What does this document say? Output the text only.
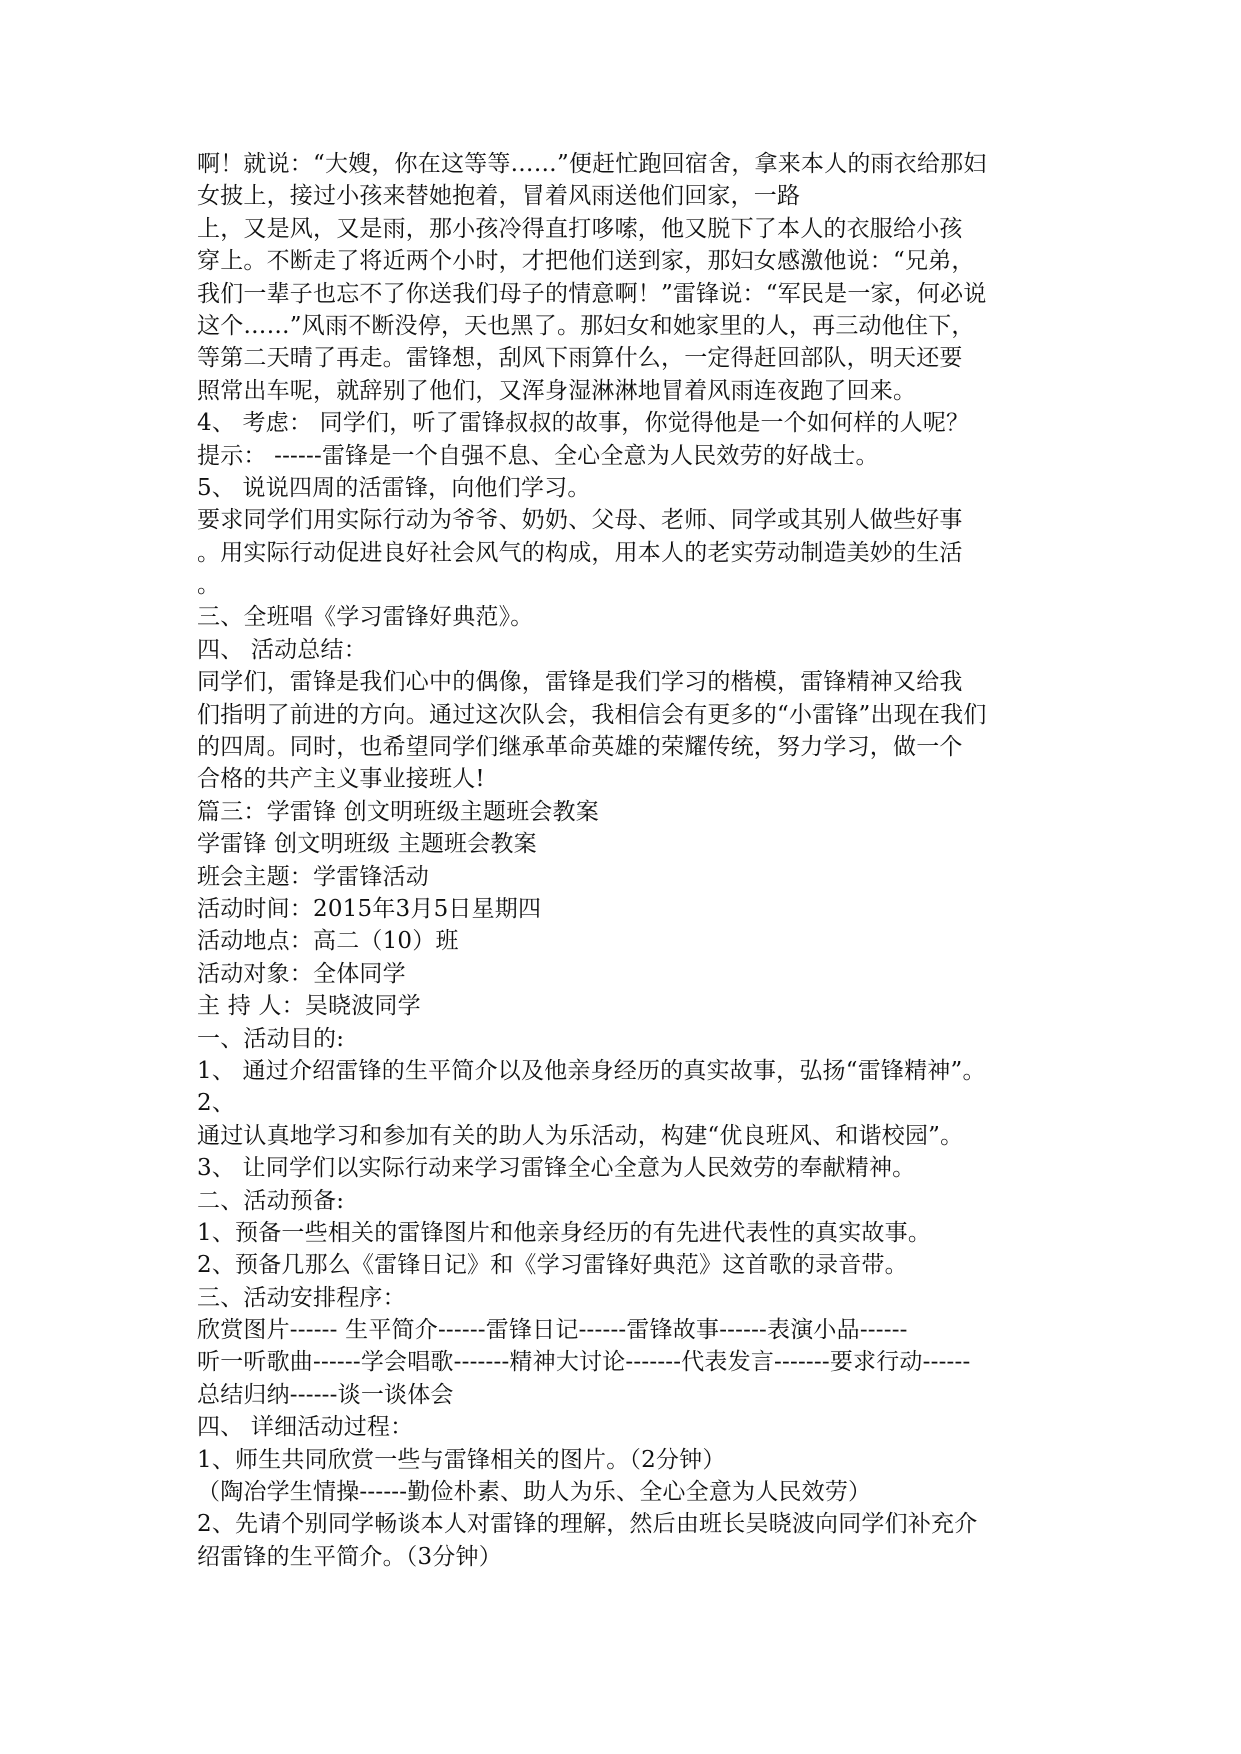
啊！就说：“大嫂，你在这等等……”便赶忙跑回宿舍，拿来本人的雨衣给那妇
女披上，接过小孩来替她抱着，冒着风雨送他们回家，一路
上，又是风，又是雨，那小孩冷得直打哆嗦，他又脱下了本人的衣服给小孩
穿上。不断走了将近两个小时，才把他们送到家，那妇女感激他说：“兄弟，
我们一辈子也忘不了你送我们母子的情意啊！”雷锋说：“军民是一家，何必说
这个……”风雨不断没停，天也黑了。那妇女和她家里的人，再三动他住下，
等第二天晴了再走。雷锋想，刮风下雨算什么，一定得赶回部队，明天还要
照常出车呢，就辞别了他们，又浑身湿淋淋地冒着风雨连夜跑了回来。
4、 考虑： 同学们，听了雷锋叔叔的故事，你觉得他是一个如何样的人呢？
提示： ------雷锋是一个自强不息、全心全意为人民效劳的好战士。
5、 说说四周的活雷锋，向他们学习。
要求同学们用实际行动为爷爷、奶奶、父母、老师、同学或其别人做些好事
。用实际行动促进良好社会风气的构成，用本人的老实劳动制造美妙的生活
。
三、全班唱《学习雷锋好典范》。
四、 活动总结：
同学们，雷锋是我们心中的偶像，雷锋是我们学习的楷模，雷锋精神又给我
们指明了前进的方向。通过这次队会，我相信会有更多的“小雷锋”出现在我们
的四周。同时，也希望同学们继承革命英雄的荣耀传统，努力学习，做一个
合格的共产主义事业接班人!
篇三：学雷锋 创文明班级主题班会教案
学雷锋 创文明班级 主题班会教案
班会主题：学雷锋活动
活动时间：2015年3月5日星期四
活动地点：高二（10）班
活动对象：全体同学
主 持 人：吴晓波同学
一、活动目的:
1、 通过介绍雷锋的生平简介以及他亲身经历的真实故事，弘扬“雷锋精神”。
2、
通过认真地学习和参加有关的助人为乐活动，构建“优良班风、和谐校园”。
3、 让同学们以实际行动来学习雷锋全心全意为人民效劳的奉献精神。
二、活动预备:
1、预备一些相关的雷锋图片和他亲身经历的有先进代表性的真实故事。
2、预备几那么《雷锋日记》和《学习雷锋好典范》这首歌的录音带。
三、活动安排程序：
欣赏图片------ 生平简介------雷锋日记------雷锋故事------表演小品------
听一听歌曲------学会唱歌-------精神大讨论-------代表发言-------要求行动------
总结归纳------谈一谈体会
四、 详细活动过程：
1、师生共同欣赏一些与雷锋相关的图片。（2分钟）
（陶冶学生情操------勤俭朴素、助人为乐、全心全意为人民效劳）
2、先请个别同学畅谈本人对雷锋的理解，然后由班长吴晓波向同学们补充介
绍雷锋的生平简介。（3分钟）
